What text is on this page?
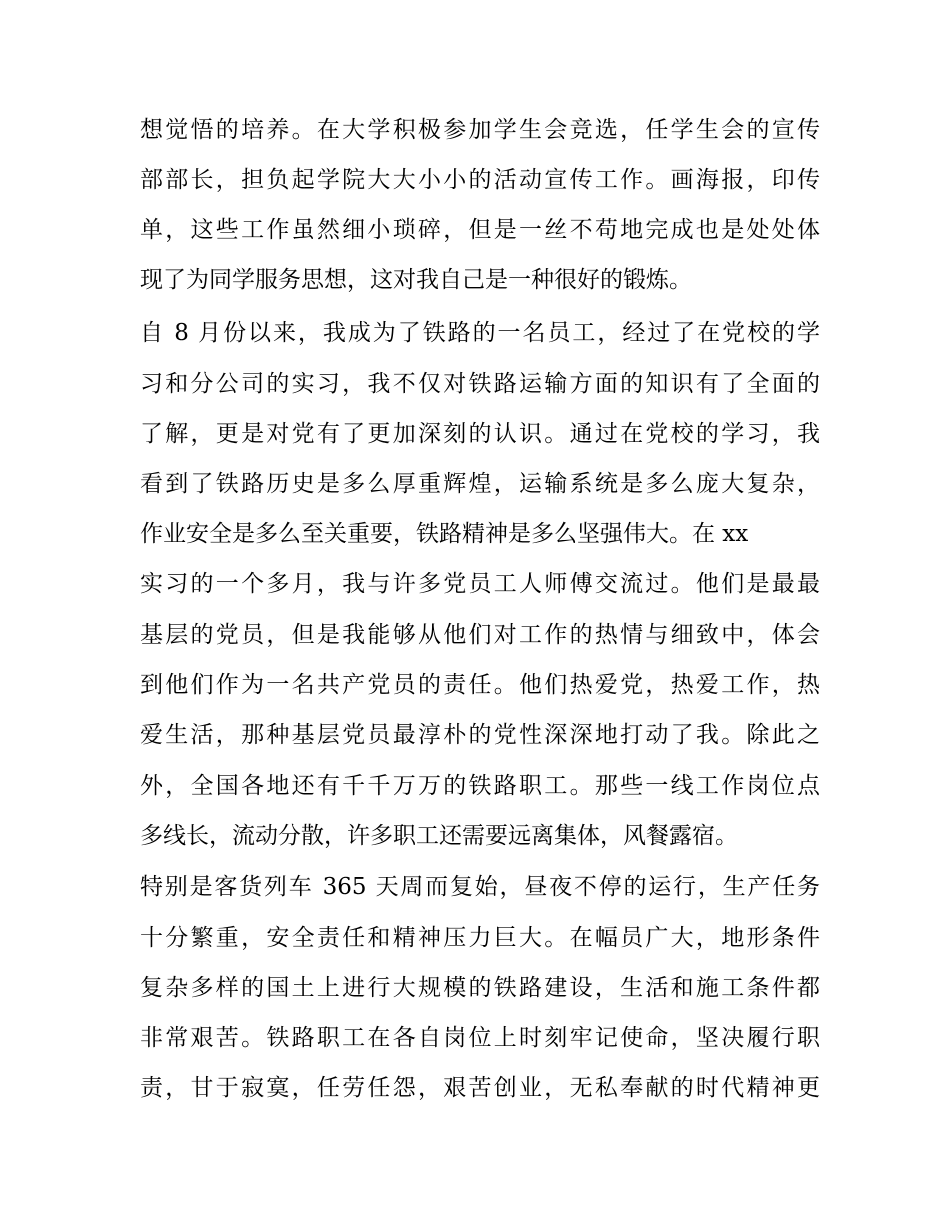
想觉悟的培养。在大学积极参加学生会竞选，任学生会的宣传
部部长，担负起学院大大小小的活动宣传工作。画海报，印传
单，这些工作虽然细小琐碎，但是一丝不苟地完成也是处处体
现了为同学服务思想，这对我自己是一种很好的锻炼。
自 8 月份以来，我成为了铁路的一名员工，经过了在党校的学
习和分公司的实习，我不仅对铁路运输方面的知识有了全面的
了解，更是对党有了更加深刻的认识。通过在党校的学习，我
看到了铁路历史是多么厚重辉煌，运输系统是多么庞大复杂，
作业安全是多么至关重要，铁路精神是多么坚强伟大。在 xx
实习的一个多月，我与许多党员工人师傅交流过。他们是最最
基层的党员，但是我能够从他们对工作的热情与细致中，体会
到他们作为一名共产党员的责任。他们热爱党，热爱工作，热
爱生活，那种基层党员最淳朴的党性深深地打动了我。除此之
外，全国各地还有千千万万的铁路职工。那些一线工作岗位点
多线长，流动分散，许多职工还需要远离集体，风餐露宿。
特别是客货列车 365 天周而复始，昼夜不停的运行，生产任务
十分繁重，安全责任和精神压力巨大。在幅员广大，地形条件
复杂多样的国土上进行大规模的铁路建设，生活和施工条件都
非常艰苦。铁路职工在各自岗位上时刻牢记使命，坚决履行职
责，甘于寂寞，任劳任怨，艰苦创业，无私奉献的时代精神更
